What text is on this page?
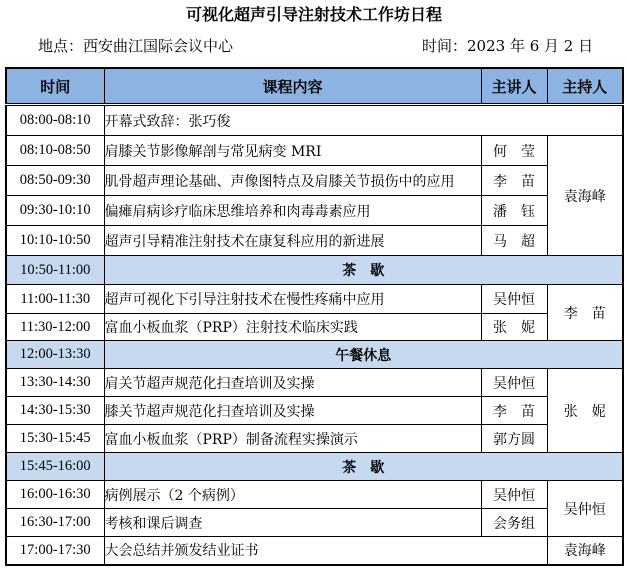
可视化超声引导注射技术工作坊日程
地点：西安曲江国际会议中心	时间：2023 年 6 月 2 日
时间	课程内容	主讲人	主持人
08:00-08:10	开幕式致辞：张巧俊		
08:10-08:50	肩膝关节影像解剖与常见病变 MRI	何　莹	袁海峰
08:50-09:30	肌骨超声理论基础、声像图特点及肩膝关节损伤中的应用	李　苗	
09:30-10:10	偏瘫肩病诊疗临床思维培养和肉毒毒素应用	潘　钰	
10:10-10:50	超声引导精准注射技术在康复科应用的新进展	马　超	
10:50-11:00	茶　歇		
11:00-11:30	超声可视化下引导注射技术在慢性疼痛中应用	吴仲恒	李　苗
11:30-12:00	富血小板血浆（PRP）注射技术临床实践	张　妮	
12:00-13:30	午餐休息		
13:30-14:30	肩关节超声规范化扫查培训及实操	吴仲恒	张　妮
14:30-15:30	膝关节超声规范化扫查培训及实操	李　苗	
15:30-15:45	富血小板血浆（PRP）制备流程实操演示	郭方圆	
15:45-16:00	茶　歇		
16:00-16:30	病例展示（2 个病例）	吴仲恒	吴仲恒
16:30-17:00	考核和课后调查	会务组	
17:00-17:30	大会总结并颁发结业证书		袁海峰
